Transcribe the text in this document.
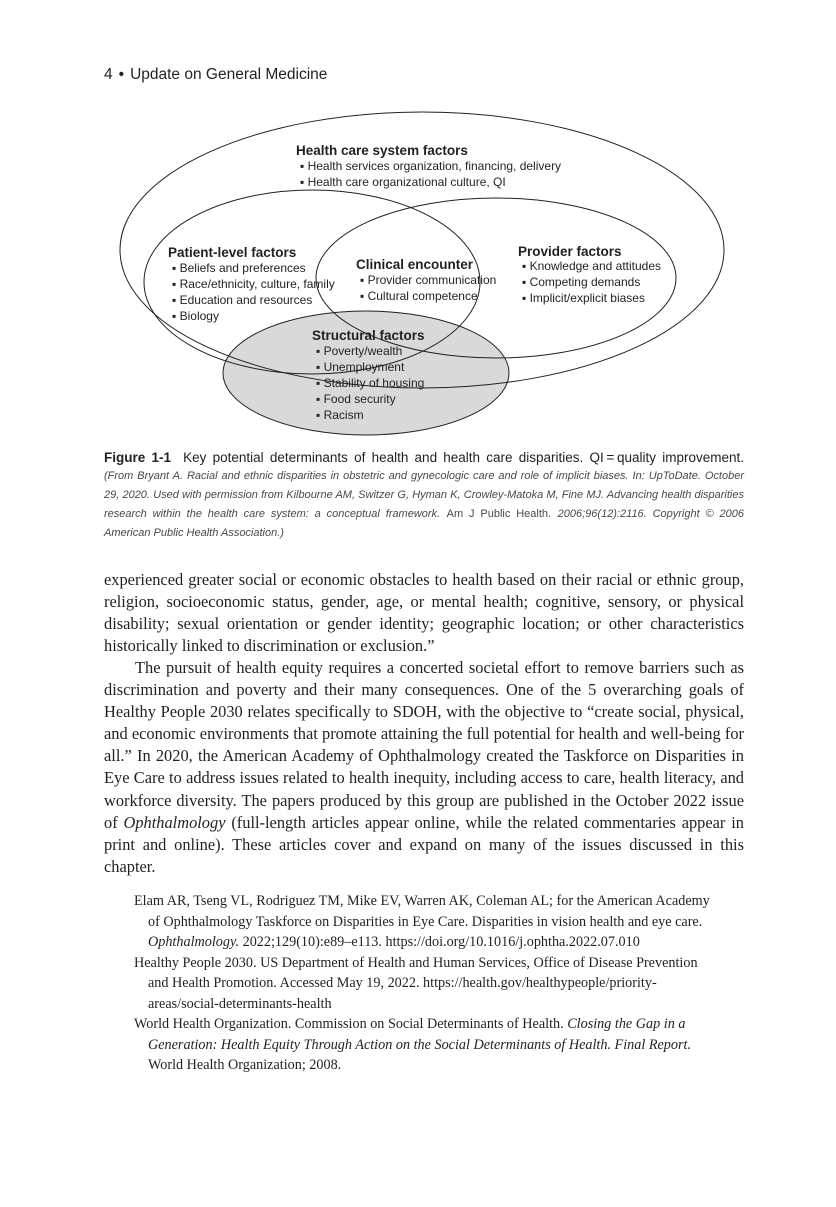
4 • Update on General Medicine
Health care system factors
▪ Health services organization, financing, delivery
▪ Health care organizational culture, QI
Patient-level factors
▪ Beliefs and preferences
▪ Race/ethnicity, culture, family
▪ Education and resources
▪ Biology
Clinical encounter
▪ Provider communication
▪ Cultural competence
Provider factors
▪ Knowledge and attitudes
▪ Competing demands
▪ Implicit/explicit biases
Structural factors
▪ Poverty/wealth
▪ Unemployment
▪ Stability of housing
▪ Food security
▪ Racism
Figure 1-1 Key potential determinants of health and health care disparities. QI = quality improvement. (From Bryant A. Racial and ethnic disparities in obstetric and gynecologic care and role of implicit biases. In: UpToDate. October 29, 2020. Used with permission from Kilbourne AM, Switzer G, Hyman K, Crowley-Matoka M, Fine MJ. Advancing health disparities research within the health care system: a conceptual framework. Am J Public Health. 2006;96(12):2116. Copyright © 2006 American Public Health Association.)

experienced greater social or economic obstacles to health based on their racial or ethnic group, religion, socioeconomic status, gender, age, or mental health; cognitive, sensory, or physical disability; sexual orientation or gender identity; geographic location; or other characteristics historically linked to discrimination or exclusion.”

The pursuit of health equity requires a concerted societal effort to remove barriers such as discrimination and poverty and their many consequences. One of the 5 overarching goals of Healthy People 2030 relates specifically to SDOH, with the objective to “create social, physical, and economic environments that promote attaining the full potential for health and well-being for all.” In 2020, the American Academy of Ophthalmology created the Taskforce on Disparities in Eye Care to address issues related to health inequity, including access to care, health literacy, and workforce diversity. The papers produced by this group are published in the October 2022 issue of Ophthalmology (full-length articles appear online, while the related commentaries appear in print and online). These articles cover and expand on many of the issues discussed in this chapter.

Elam AR, Tseng VL, Rodriguez TM, Mike EV, Warren AK, Coleman AL; for the American Academy of Ophthalmology Taskforce on Disparities in Eye Care. Disparities in vision health and eye care. Ophthalmology. 2022;129(10):e89–e113. https://doi.org/10.1016/j.ophtha.2022.07.010
Healthy People 2030. US Department of Health and Human Services, Office of Disease Prevention and Health Promotion. Accessed May 19, 2022. https://health.gov/healthypeople/priority-areas/social-determinants-health
World Health Organization. Commission on Social Determinants of Health. Closing the Gap in a Generation: Health Equity Through Action on the Social Determinants of Health. Final Report. World Health Organization; 2008.
